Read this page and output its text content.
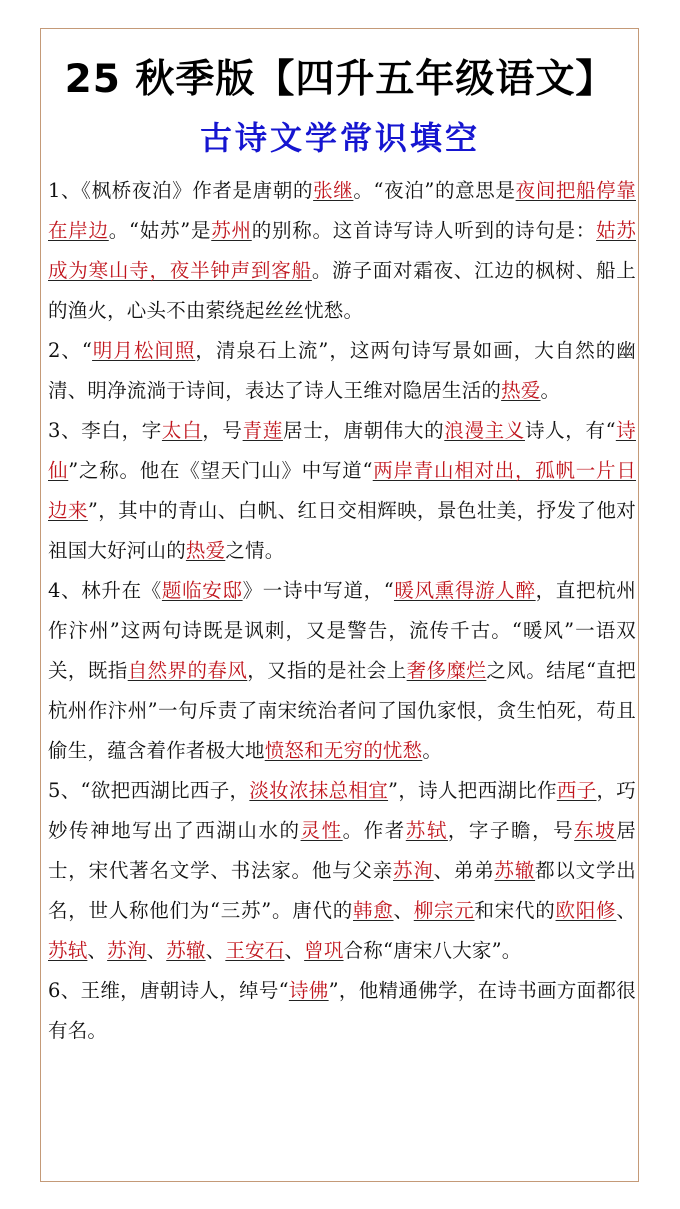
25 秋季版【四升五年级语文】
古诗文学常识填空

1、《枫桥夜泊》作者是唐朝的张继。“夜泊”的意思是夜间把船停靠在岸边。“姑苏”是苏州的别称。这首诗写诗人听到的诗句是：姑苏成为寒山寺，夜半钟声到客船。游子面对霜夜、江边的枫树、船上的渔火，心头不由萦绕起丝丝忧愁。

2、“明月松间照，清泉石上流”，这两句诗写景如画，大自然的幽清、明净流淌于诗间，表达了诗人王维对隐居生活的热爱。

3、李白，字太白，号青莲居士，唐朝伟大的浪漫主义诗人，有“诗仙”之称。他在《望天门山》中写道“两岸青山相对出，孤帆一片日边来”，其中的青山、白帆、红日交相辉映，景色壮美，抒发了他对祖国大好河山的热爱之情。

4、林升在《题临安邸》一诗中写道，“暖风熏得游人醉，直把杭州作汴州”这两句诗既是讽刺，又是警告，流传千古。“暖风”一语双关，既指自然界的春风，又指的是社会上奢侈糜烂之风。结尾“直把杭州作汴州”一句斥责了南宋统治者问了国仇家恨，贪生怕死，苟且偷生，蕴含着作者极大地愤怒和无穷的忧愁。

5、“欲把西湖比西子，淡妆浓抹总相宜”，诗人把西湖比作西子，巧妙传神地写出了西湖山水的灵性。作者苏轼，字子瞻，号东坡居士，宋代著名文学、书法家。他与父亲苏洵、弟弟苏辙都以文学出名，世人称他们为“三苏”。唐代的韩愈、柳宗元和宋代的欧阳修、苏轼、苏洵、苏辙、王安石、曾巩合称“唐宋八大家”。

6、王维，唐朝诗人，绰号“诗佛”，他精通佛学，在诗书画方面都很有名。
